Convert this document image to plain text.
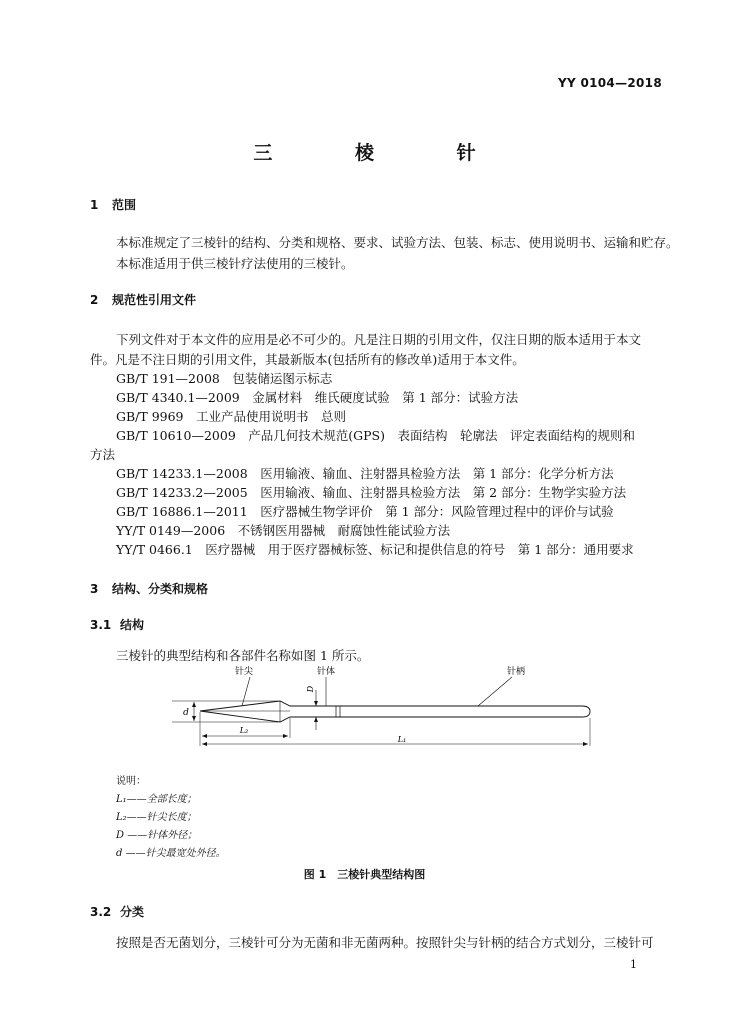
YY 0104—2018
三 棱 针
1 范围
本标准规定了三棱针的结构、分类和规格、要求、试验方法、包装、标志、使用说明书、运输和贮存。
本标准适用于供三棱针疗法使用的三棱针。
2 规范性引用文件
下列文件对于本文件的应用是必不可少的。凡是注日期的引用文件，仅注日期的版本适用于本文
件。凡是不注日期的引用文件，其最新版本(包括所有的修改单)适用于本文件。
GB/T 191—2008　包装储运图示标志
GB/T 4340.1—2009　金属材料　维氏硬度试验　第 1 部分：试验方法
GB/T 9969　工业产品使用说明书　总则
GB/T 10610—2009　产品几何技术规范(GPS)　表面结构　轮廓法　评定表面结构的规则和
方法
GB/T 14233.1—2008　医用输液、输血、注射器具检验方法　第 1 部分：化学分析方法
GB/T 14233.2—2005　医用输液、输血、注射器具检验方法　第 2 部分：生物学实验方法
GB/T 16886.1—2011　医疗器械生物学评价　第 1 部分：风险管理过程中的评价与试验
YY/T 0149—2006　不锈钢医用器械　耐腐蚀性能试验方法
YY/T 0466.1　医疗器械　用于医疗器械标签、标记和提供信息的符号　第 1 部分：通用要求
3 结构、分类和规格
3.1 结构
三棱针的典型结构和各部件名称如图 1 所示。
针尖	针体	针柄
d
D
L₂
L₁
说明：
L₁——全部长度；
L₂——针尖长度；
D ——针体外径；
d ——针尖最宽处外径。
图 1　三棱针典型结构图
3.2 分类
按照是否无菌划分，三棱针可分为无菌和非无菌两种。按照针尖与针柄的结合方式划分，三棱针可
1
